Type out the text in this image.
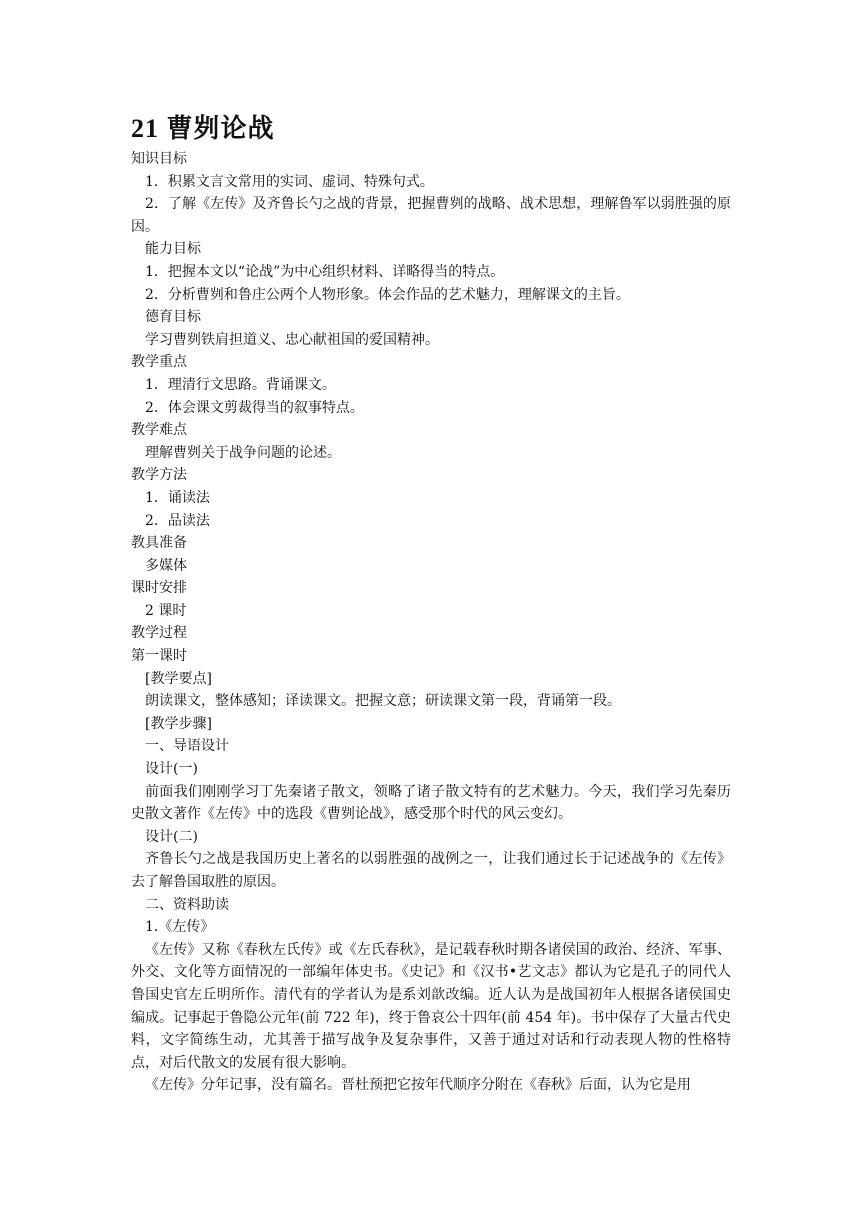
21 曹刿论战

知识目标

1．积累文言文常用的实词、虚词、特殊句式。

2．了解《左传》及齐鲁长勺之战的背景，把握曹刿的战略、战术思想，理解鲁军以弱胜强的原因。

能力目标

1．把握本文以“论战”为中心组织材料、详略得当的特点。

2．分析曹刿和鲁庄公两个人物形象。体会作品的艺术魅力，理解课文的主旨。

德育目标

学习曹刿铁肩担道义、忠心献祖国的爱国精神。

教学重点

1．理清行文思路。背诵课文。

2．体会课文剪裁得当的叙事特点。

教学难点

理解曹刿关于战争问题的论述。

教学方法

1．诵读法

2．品读法

教具准备

多媒体

课时安排

2 课时

教学过程

第一课时

[教学要点]

朗读课文，整体感知；译读课文。把握文意；研读课文第一段，背诵第一段。

[教学步骤]

一、导语设计

设计(一)

前面我们刚刚学习丁先秦诸子散文，领略了诸子散文特有的艺术魅力。今天，我们学习先秦历史散文著作《左传》中的选段《曹刿论战》，感受那个时代的风云变幻。

设计(二)

齐鲁长勺之战是我国历史上著名的以弱胜强的战例之一，让我们通过长于记述战争的《左传》去了解鲁国取胜的原因。

二、资料助读

1.《左传》

《左传》又称《春秋左氏传》或《左氏春秋》，是记载春秋时期各诸侯国的政治、经济、军事、外交、文化等方面情况的一部编年体史书。《史记》和《汉书•艺文志》都认为它是孔子的同代人鲁国史官左丘明所作。清代有的学者认为是系刘歆改编。近人认为是战国初年人根据各诸侯国史编成。记事起于鲁隐公元年(前 722 年)，终于鲁哀公十四年(前 454 年)。书中保存了大量古代史料，文字简练生动，尤其善于描写战争及复杂事件，又善于通过对话和行动表现人物的性格特点，对后代散文的发展有很大影响。

《左传》分年记事，没有篇名。晋杜预把它按年代顺序分附在《春秋》后面，认为它是用
